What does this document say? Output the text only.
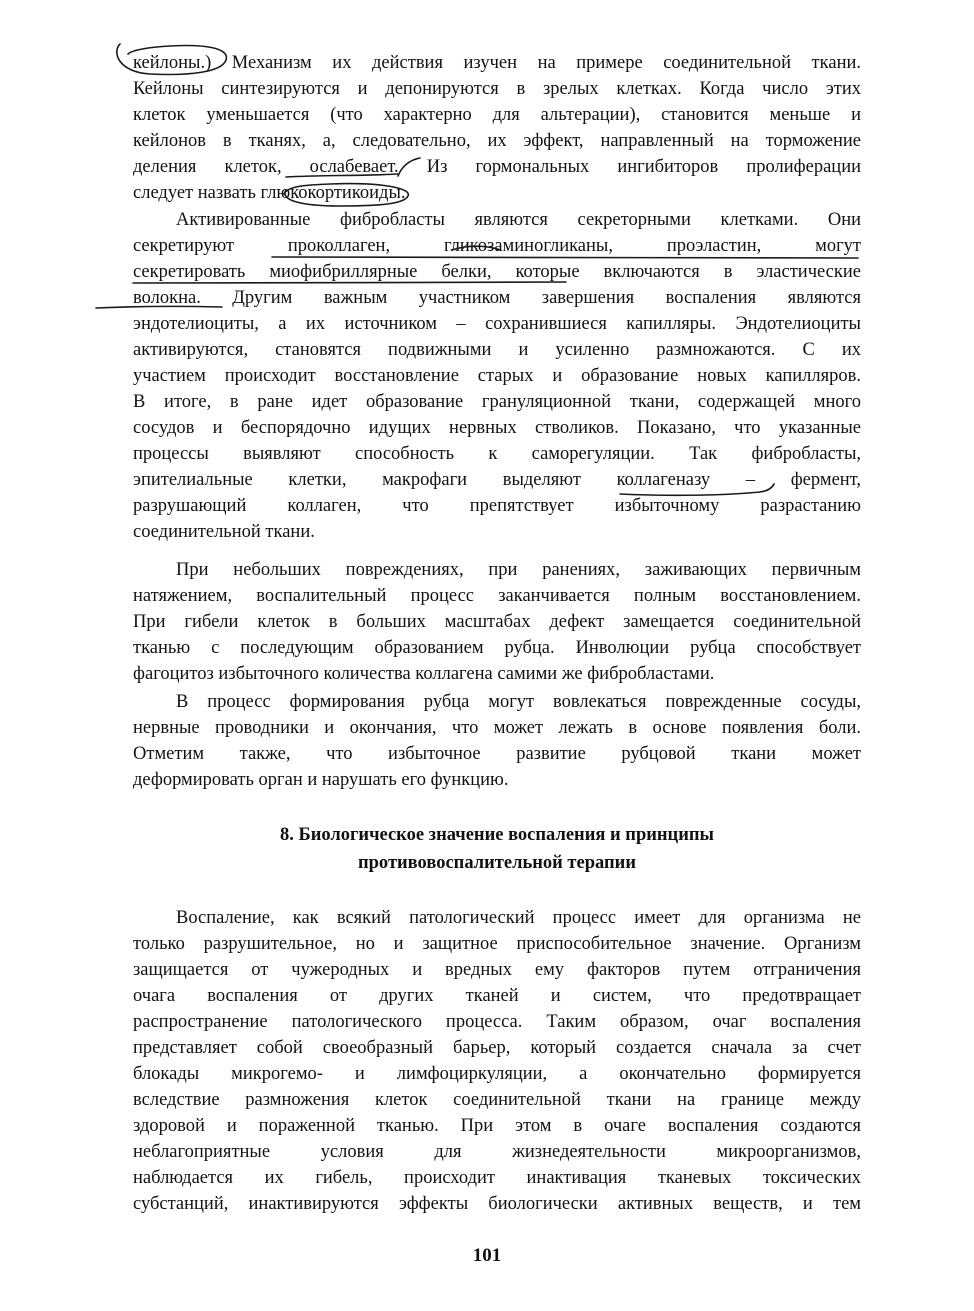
кейлоны.) Механизм их действия изучен на примере соединительной ткани.
Кейлоны синтезируются и депонируются в зрелых клетках. Когда число этих
клеток уменьшается (что характерно для альтерации), становится меньше и
кейлонов в тканях, а, следовательно, их эффект, направленный на торможение
деления клеток, ослабевает. Из гормональных ингибиторов пролиферации
следует назвать глюкокортикоиды.
Активированные фибробласты являются секреторными клетками. Они
секретируют проколлаген, гликозаминогликаны, проэластин, могут
секретировать миофибриллярные белки, которые включаются в эластические
волокна. Другим важным участником завершения воспаления являются
эндотелиоциты, а их источником – сохранившиеся капилляры. Эндотелиоциты
активируются, становятся подвижными и усиленно размножаются. С их
участием происходит восстановление старых и образование новых капилляров.
В итоге, в ране идет образование грануляционной ткани, содержащей много
сосудов и беспорядочно идущих нервных стволиков. Показано, что указанные
процессы выявляют способность к саморегуляции. Так фибробласты,
эпителиальные клетки, макрофаги выделяют коллагеназу – фермент,
разрушающий коллаген, что препятствует избыточному разрастанию
соединительной ткани.
При небольших повреждениях, при ранениях, заживающих первичным
натяжением, воспалительный процесс заканчивается полным восстановлением.
При гибели клеток в больших масштабах дефект замещается соединительной
тканью с последующим образованием рубца. Инволюции рубца способствует
фагоцитоз избыточного количества коллагена самими же фибробластами.
В процесс формирования рубца могут вовлекаться поврежденные сосуды,
нервные проводники и окончания, что может лежать в основе появления боли.
Отметим также, что избыточное развитие рубцовой ткани может
деформировать орган и нарушать его функцию.
8. Биологическое значение воспаления и принципы
противовоспалительной терапии
Воспаление, как всякий патологический процесс имеет для организма не
только разрушительное, но и защитное приспособительное значение. Организм
защищается от чужеродных и вредных ему факторов путем отграничения
очага воспаления от других тканей и систем, что предотвращает
распространение патологического процесса. Таким образом, очаг воспаления
представляет собой своеобразный барьер, который создается сначала за счет
блокады микрогемо- и лимфоциркуляции, а окончательно формируется
вследствие размножения клеток соединительной ткани на границе между
здоровой и пораженной тканью. При этом в очаге воспаления создаются
неблагоприятные условия для жизнедеятельности микроорганизмов,
наблюдается их гибель, происходит инактивация тканевых токсических
субстанций, инактивируются эффекты биологически активных веществ, и тем
101
